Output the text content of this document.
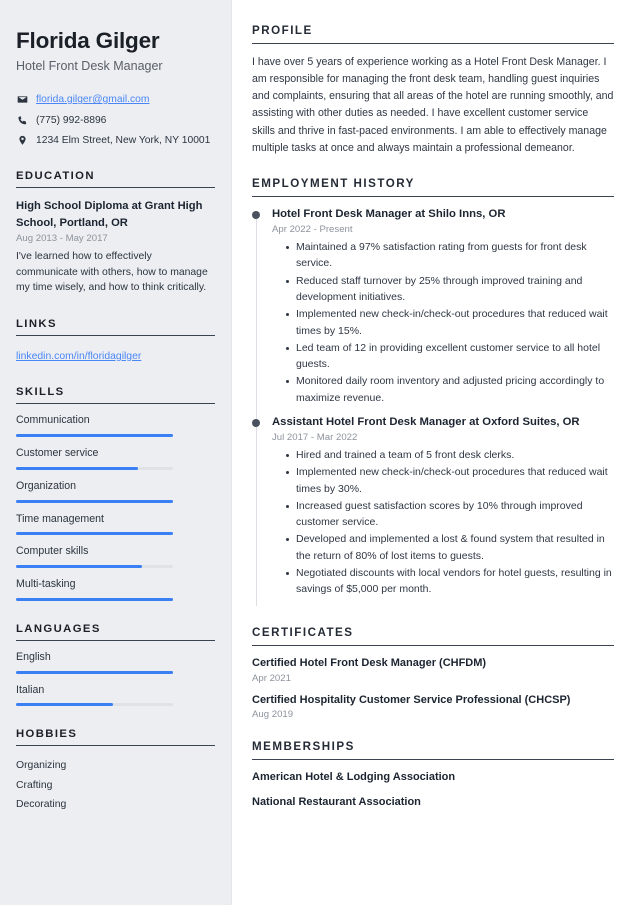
Florida Gilger
Hotel Front Desk Manager
florida.gilger@gmail.com
(775) 992-8896
1234 Elm Street, New York, NY 10001
EDUCATION
High School Diploma at Grant High School, Portland, OR
Aug 2013 - May 2017
I've learned how to effectively communicate with others, how to manage my time wisely, and how to think critically.
LINKS
linkedin.com/in/floridagilger
SKILLS
Communication
Customer service
Organization
Time management
Computer skills
Multi-tasking
LANGUAGES
English
Italian
HOBBIES
Organizing
Crafting
Decorating
PROFILE

I have over 5 years of experience working as a Hotel Front Desk Manager. I am responsible for managing the front desk team, handling guest inquiries and complaints, ensuring that all areas of the hotel are running smoothly, and assisting with other duties as needed. I have excellent customer service skills and thrive in fast-paced environments. I am able to effectively manage multiple tasks at once and always maintain a professional demeanor.

EMPLOYMENT HISTORY
Hotel Front Desk Manager at Shilo Inns, OR
Apr 2022 - Present
Maintained a 97% satisfaction rating from guests for front desk service.
Reduced staff turnover by 25% through improved training and development initiatives.
Implemented new check-in/check-out procedures that reduced wait times by 15%.
Led team of 12 in providing excellent customer service to all hotel guests.
Monitored daily room inventory and adjusted pricing accordingly to maximize revenue.
Assistant Hotel Front Desk Manager at Oxford Suites, OR
Jul 2017 - Mar 2022
Hired and trained a team of 5 front desk clerks.
Implemented new check-in/check-out procedures that reduced wait times by 30%.
Increased guest satisfaction scores by 10% through improved customer service.
Developed and implemented a lost & found system that resulted in the return of 80% of lost items to guests.
Negotiated discounts with local vendors for hotel guests, resulting in savings of $5,000 per month.
CERTIFICATES
Certified Hotel Front Desk Manager (CHFDM)
Apr 2021
Certified Hospitality Customer Service Professional (CHCSP)
Aug 2019
MEMBERSHIPS
American Hotel & Lodging Association
National Restaurant Association
